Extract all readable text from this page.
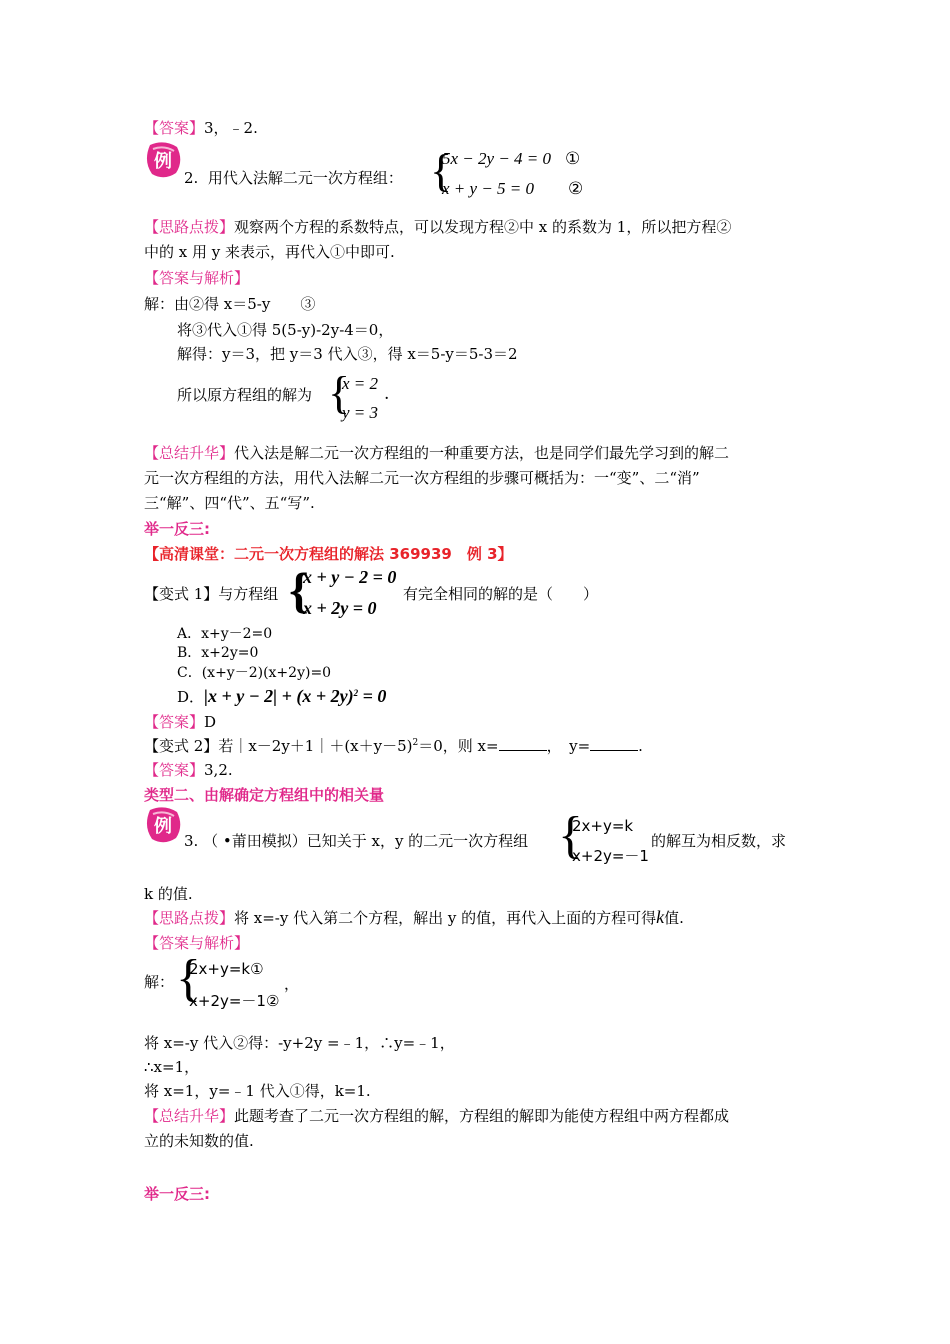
【答案】3，﹣2.
例
2. 用代入法解二元一次方程组： {
5x − 2y − 4 = 0
x + y − 5 = 0
①
②
【思路点拨】观察两个方程的系数特点，可以发现方程②中 x 的系数为 1，所以把方程②
中的 x 用 y 来表示，再代入①中即可.
【答案与解析】
解：由②得 x＝5-y　　③
将③代入①得 5(5-y)-2y-4＝0，
解得：y＝3，把 y＝3 代入③，得 x＝5-y＝5-3＝2
所以原方程组的解为 {
x = 2
y = 3
.
【总结升华】代入法是解二元一次方程组的一种重要方法，也是同学们最先学习到的解二
元一次方程组的方法，用代入法解二元一次方程组的步骤可概括为：一“变”、二“消”
三“解”、四“代”、五“写”.
举一反三:
【高清课堂：二元一次方程组的解法 369939　例 3】
【变式 1】与方程组 {
x + y − 2 = 0
x + 2y = 0
有完全相同的解的是（　　）
A．x+y－2=0
B．x+2y=0
C．(x+y－2)(x+2y)=0
D．$|x + y - 2| + (x + 2y)^2 = 0$
【答案】D
【变式 2】若$|x-2y+1|+(x+y-5)^2=0$，则 x=	，　y=	.
【答案】3,2.
类型二、由解确定方程组中的相关量
例
3. （ •莆田模拟）已知关于 x，y 的二元一次方程组 {
2x+y=k
x+2y=－1
的解互为相反数，求
k 的值.
【思路点拨】将 x=-y 代入第二个方程，解出 y 的值，再代入上面的方程可得k值.
【答案与解析】
解： {
2x+y=k①
x+2y=－1②
，
将 x=-y 代入②得：-y+2y =﹣1，∴y=﹣1，
∴x=1，
将 x=1，y=﹣1 代入①得，k=1.
【总结升华】此题考查了二元一次方程组的解，方程组的解即为能使方程组中两方程都成
立的未知数的值.
举一反三:
